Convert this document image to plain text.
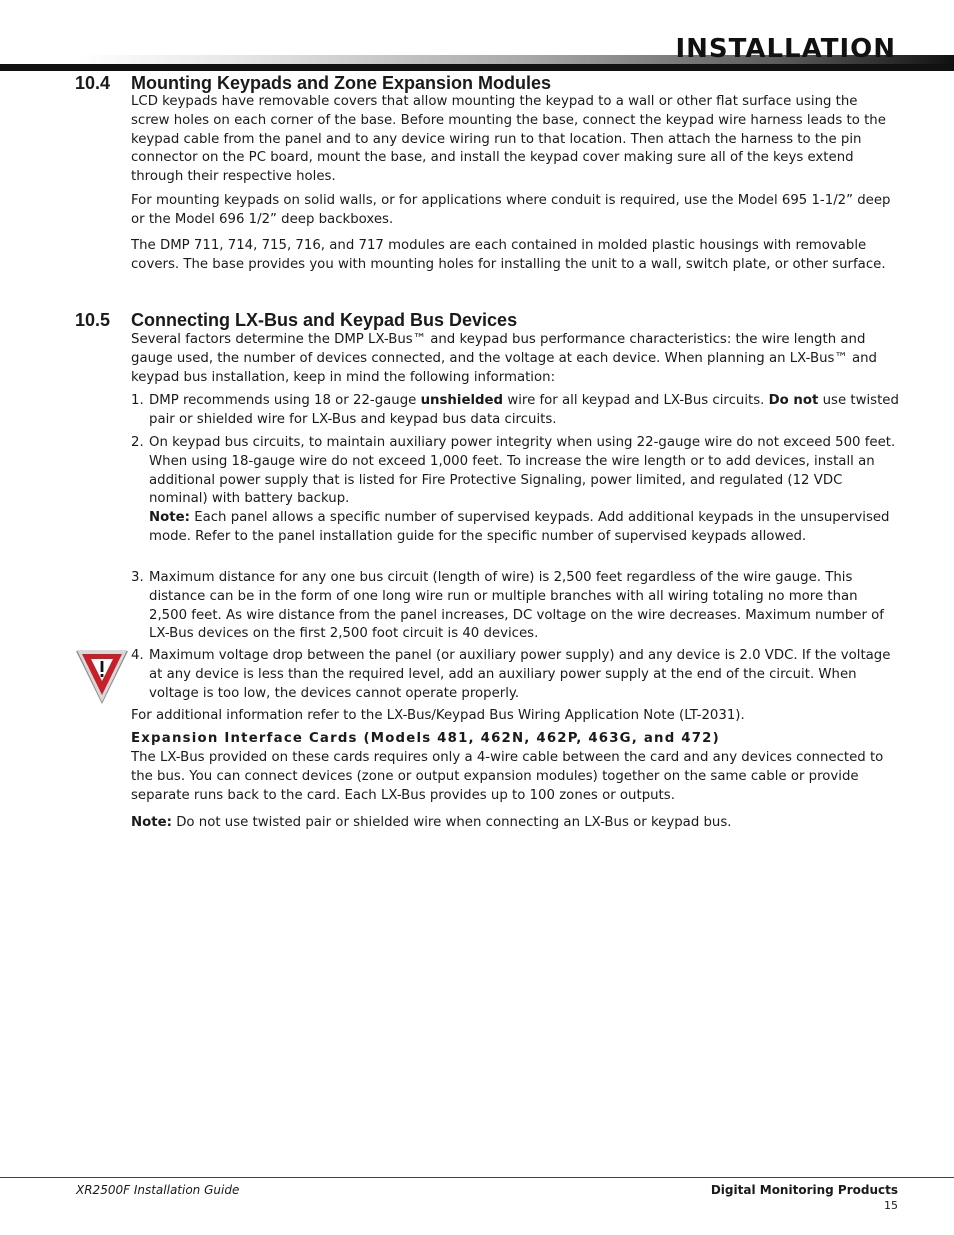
INSTALLATION
10.4 Mounting Keypads and Zone Expansion Modules

LCD keypads have removable covers that allow mounting the keypad to a wall or other flat surface using the screw holes on each corner of the base. Before mounting the base, connect the keypad wire harness leads to the keypad cable from the panel and to any device wiring run to that location. Then attach the harness to the pin connector on the PC board, mount the base, and install the keypad cover making sure all of the keys extend through their respective holes.

For mounting keypads on solid walls, or for applications where conduit is required, use the Model 695 1-1/2” deep or the Model 696 1/2” deep backboxes.

The DMP 711, 714, 715, 716, and 717 modules are each contained in molded plastic housings with removable covers. The base provides you with mounting holes for installing the unit to a wall, switch plate, or other surface.

10.5 Connecting LX-Bus and Keypad Bus Devices

Several factors determine the DMP LX-Bus™ and keypad bus performance characteristics: the wire length and gauge used, the number of devices connected, and the voltage at each device. When planning an LX-Bus™ and keypad bus installation, keep in mind the following information:

1. DMP recommends using 18 or 22-gauge unshielded wire for all keypad and LX-Bus circuits. Do not use twisted pair or shielded wire for LX-Bus and keypad bus data circuits.
2. On keypad bus circuits, to maintain auxiliary power integrity when using 22-gauge wire do not exceed 500 feet. When using 18-gauge wire do not exceed 1,000 feet. To increase the wire length or to add devices, install an additional power supply that is listed for Fire Protective Signaling, power limited, and regulated (12 VDC nominal) with battery backup.
Note: Each panel allows a specific number of supervised keypads. Add additional keypads in the unsupervised mode. Refer to the panel installation guide for the specific number of supervised keypads allowed.
3. Maximum distance for any one bus circuit (length of wire) is 2,500 feet regardless of the wire gauge. This distance can be in the form of one long wire run or multiple branches with all wiring totaling no more than 2,500 feet. As wire distance from the panel increases, DC voltage on the wire decreases. Maximum number of LX-Bus devices on the first 2,500 foot circuit is 40 devices.
4. Maximum voltage drop between the panel (or auxiliary power supply) and any device is 2.0 VDC. If the voltage at any device is less than the required level, add an auxiliary power supply at the end of the circuit. When voltage is too low, the devices cannot operate properly.

For additional information refer to the LX-Bus/Keypad Bus Wiring Application Note (LT-2031).

Expansion Interface Cards (Models 481, 462N, 462P, 463G, and 472)

The LX-Bus provided on these cards requires only a 4-wire cable between the card and any devices connected to the bus. You can connect devices (zone or output expansion modules) together on the same cable or provide separate runs back to the card. Each LX-Bus provides up to 100 zones or outputs.

Note: Do not use twisted pair or shielded wire when connecting an LX-Bus or keypad bus.

XR2500F Installation Guide	Digital Monitoring Products
15
